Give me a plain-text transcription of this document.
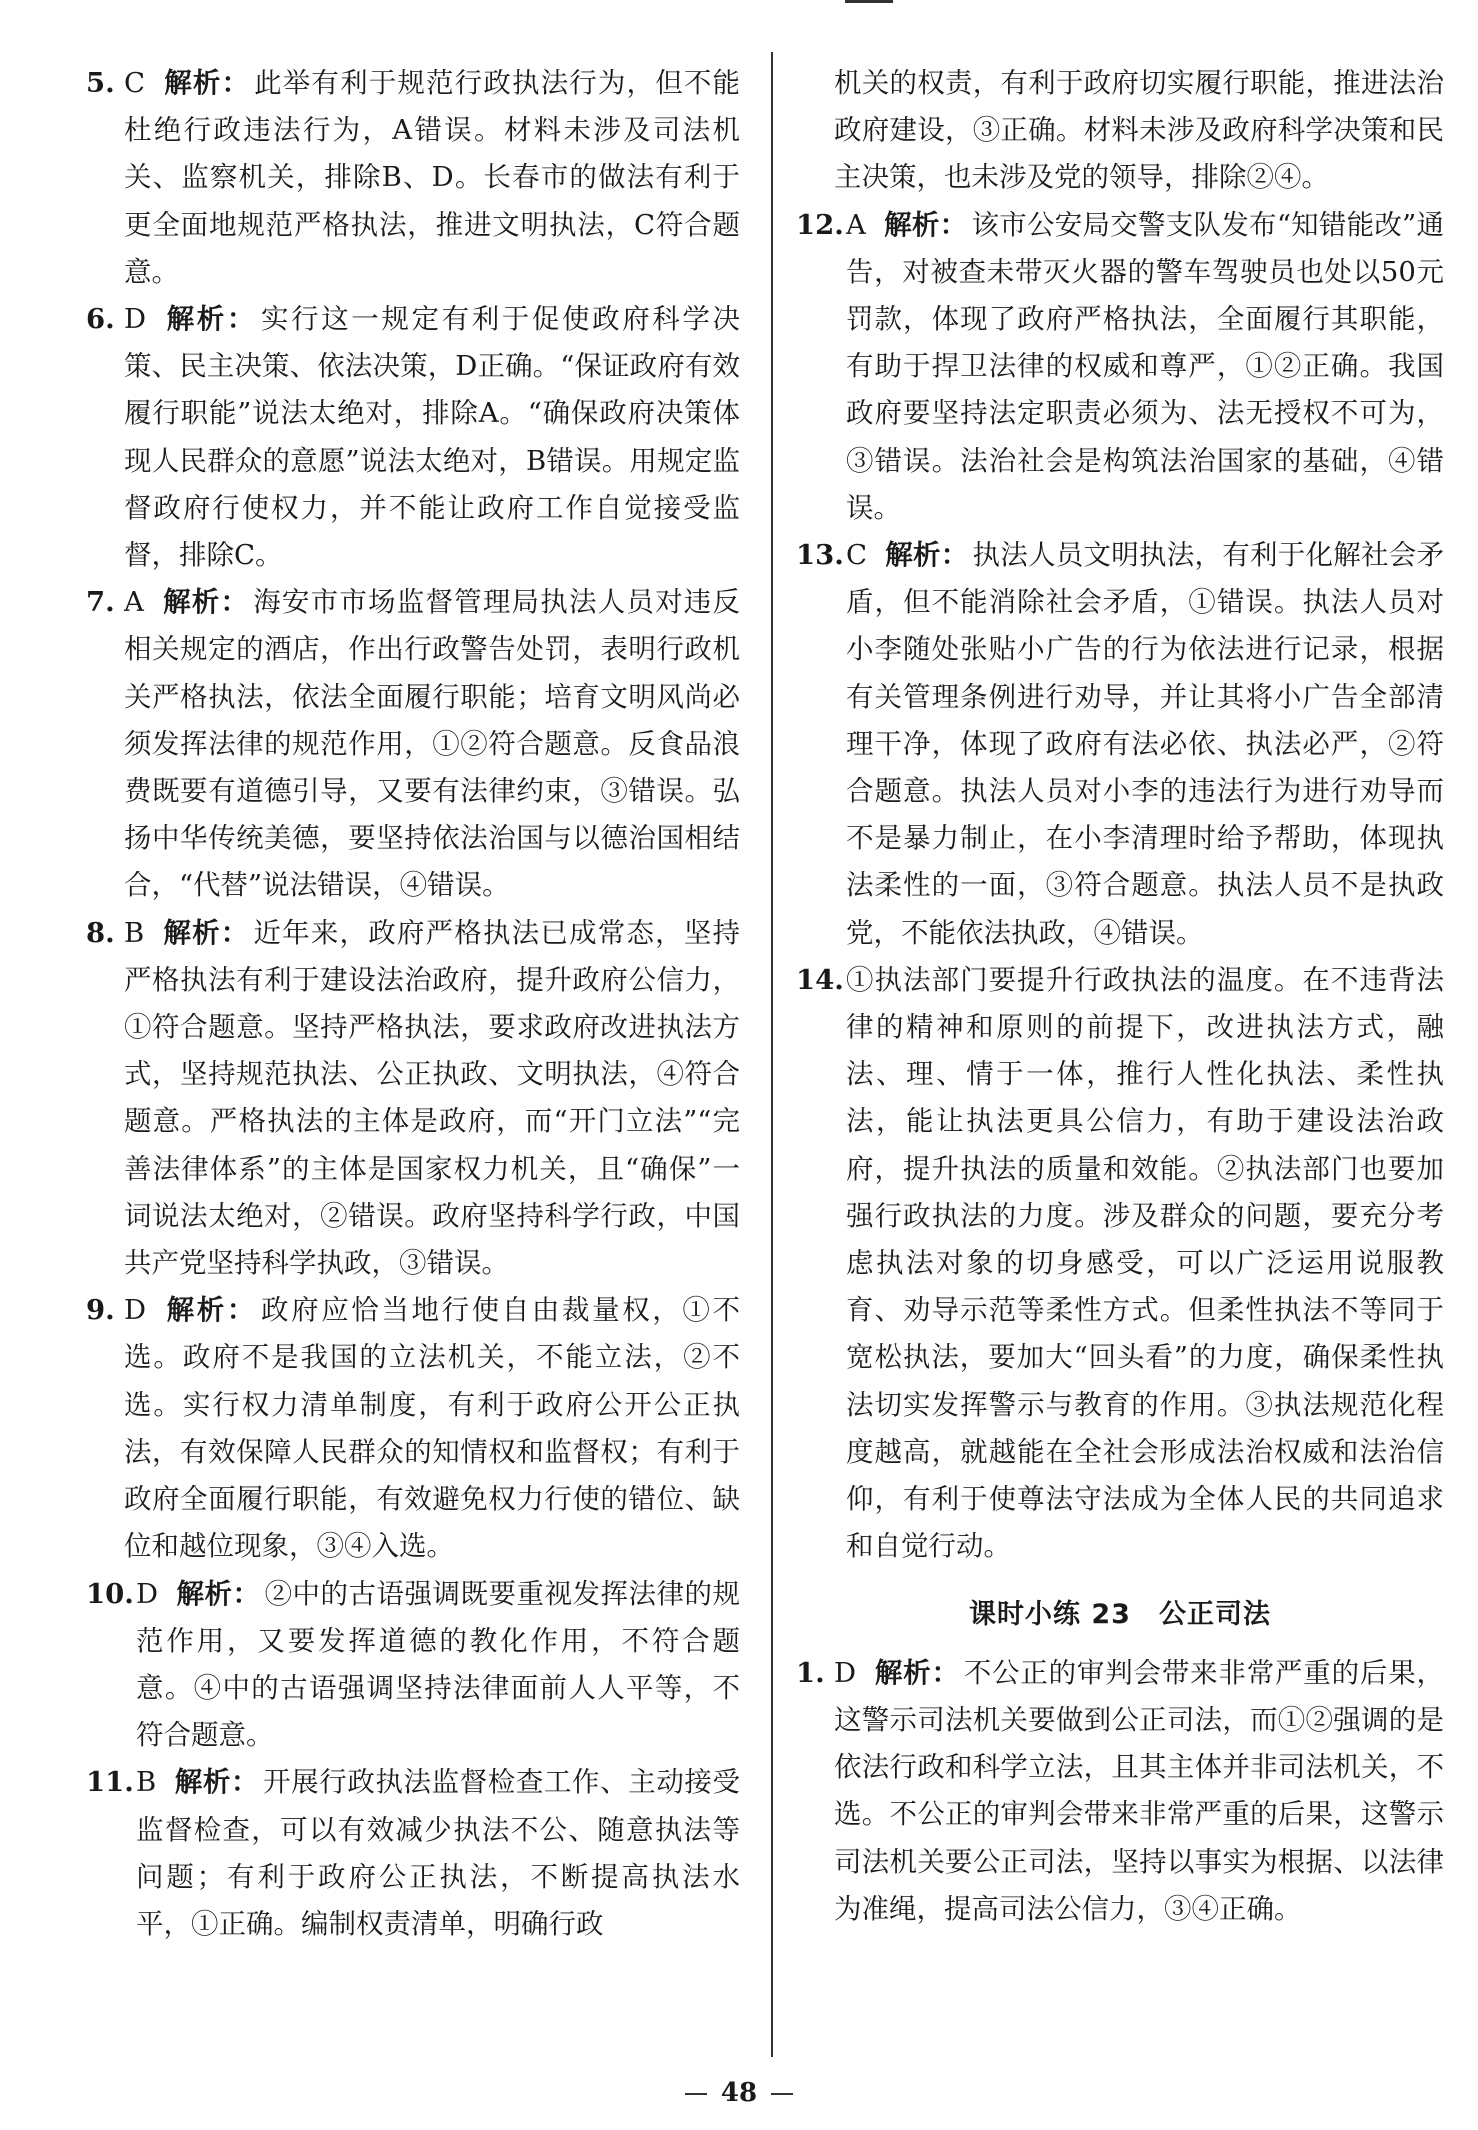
5. C 解析： 此举有利于规范行政执法行为，但不能杜绝行政违法行为，A错误。材料未涉及司法机关、监察机关，排除B、D。长春市的做法有利于更全面地规范严格执法，推进文明执法，C符合题意。

6. D 解析： 实行这一规定有利于促使政府科学决策、民主决策、依法决策，D正确。“保证政府有效履行职能”说法太绝对，排除A。“确保政府决策体现人民群众的意愿”说法太绝对，B错误。用规定监督政府行使权力，并不能让政府工作自觉接受监督，排除C。

7. A 解析： 海安市市场监督管理局执法人员对违反相关规定的酒店，作出行政警告处罚，表明行政机关严格执法，依法全面履行职能；培育文明风尚必须发挥法律的规范作用，①②符合题意。反食品浪费既要有道德引导，又要有法律约束，③错误。弘扬中华传统美德，要坚持依法治国与以德治国相结合，“代替”说法错误，④错误。

8. B 解析： 近年来，政府严格执法已成常态，坚持严格执法有利于建设法治政府，提升政府公信力，①符合题意。坚持严格执法，要求政府改进执法方式，坚持规范执法、公正执政、文明执法，④符合题意。严格执法的主体是政府，而“开门立法”“完善法律体系”的主体是国家权力机关，且“确保”一词说法太绝对，②错误。政府坚持科学行政，中国共产党坚持科学执政，③错误。

9. D 解析： 政府应恰当地行使自由裁量权，①不选。政府不是我国的立法机关，不能立法，②不选。实行权力清单制度，有利于政府公开公正执法，有效保障人民群众的知情权和监督权；有利于政府全面履行职能，有效避免权力行使的错位、缺位和越位现象，③④入选。

10. D 解析： ②中的古语强调既要重视发挥法律的规范作用，又要发挥道德的教化作用，不符合题意。④中的古语强调坚持法律面前人人平等，不符合题意。

11. B 解析： 开展行政执法监督检查工作、主动接受监督检查，可以有效减少执法不公、随意执法等问题；有利于政府公正执法，不断提高执法水平，①正确。编制权责清单，明确行政

机关的权责，有利于政府切实履行职能，推进法治政府建设，③正确。材料未涉及政府科学决策和民主决策，也未涉及党的领导，排除②④。

12. A 解析： 该市公安局交警支队发布“知错能改”通告，对被查未带灭火器的警车驾驶员也处以50元罚款，体现了政府严格执法，全面履行其职能，有助于捍卫法律的权威和尊严，①②正确。我国政府要坚持法定职责必须为、法无授权不可为，③错误。法治社会是构筑法治国家的基础，④错误。

13. C 解析： 执法人员文明执法，有利于化解社会矛盾，但不能消除社会矛盾，①错误。执法人员对小李随处张贴小广告的行为依法进行记录，根据有关管理条例进行劝导，并让其将小广告全部清理干净，体现了政府有法必依、执法必严，②符合题意。执法人员对小李的违法行为进行劝导而不是暴力制止，在小李清理时给予帮助，体现执法柔性的一面，③符合题意。执法人员不是执政党，不能依法执政，④错误。

14. ①执法部门要提升行政执法的温度。在不违背法律的精神和原则的前提下，改进执法方式，融法、理、情于一体，推行人性化执法、柔性执法，能让执法更具公信力，有助于建设法治政府，提升执法的质量和效能。②执法部门也要加强行政执法的力度。涉及群众的问题，要充分考虑执法对象的切身感受，可以广泛运用说服教育、劝导示范等柔性方式。但柔性执法不等同于宽松执法，要加大“回头看”的力度，确保柔性执法切实发挥警示与教育的作用。③执法规范化程度越高，就越能在全社会形成法治权威和法治信仰，有利于使尊法守法成为全体人民的共同追求和自觉行动。

课时小练 23　公正司法

1. D 解析： 不公正的审判会带来非常严重的后果，这警示司法机关要做到公正司法，而①②强调的是依法行政和科学立法，且其主体并非司法机关，不选。不公正的审判会带来非常严重的后果，这警示司法机关要公正司法，坚持以事实为根据、以法律为准绳，提高司法公信力，③④正确。

48
